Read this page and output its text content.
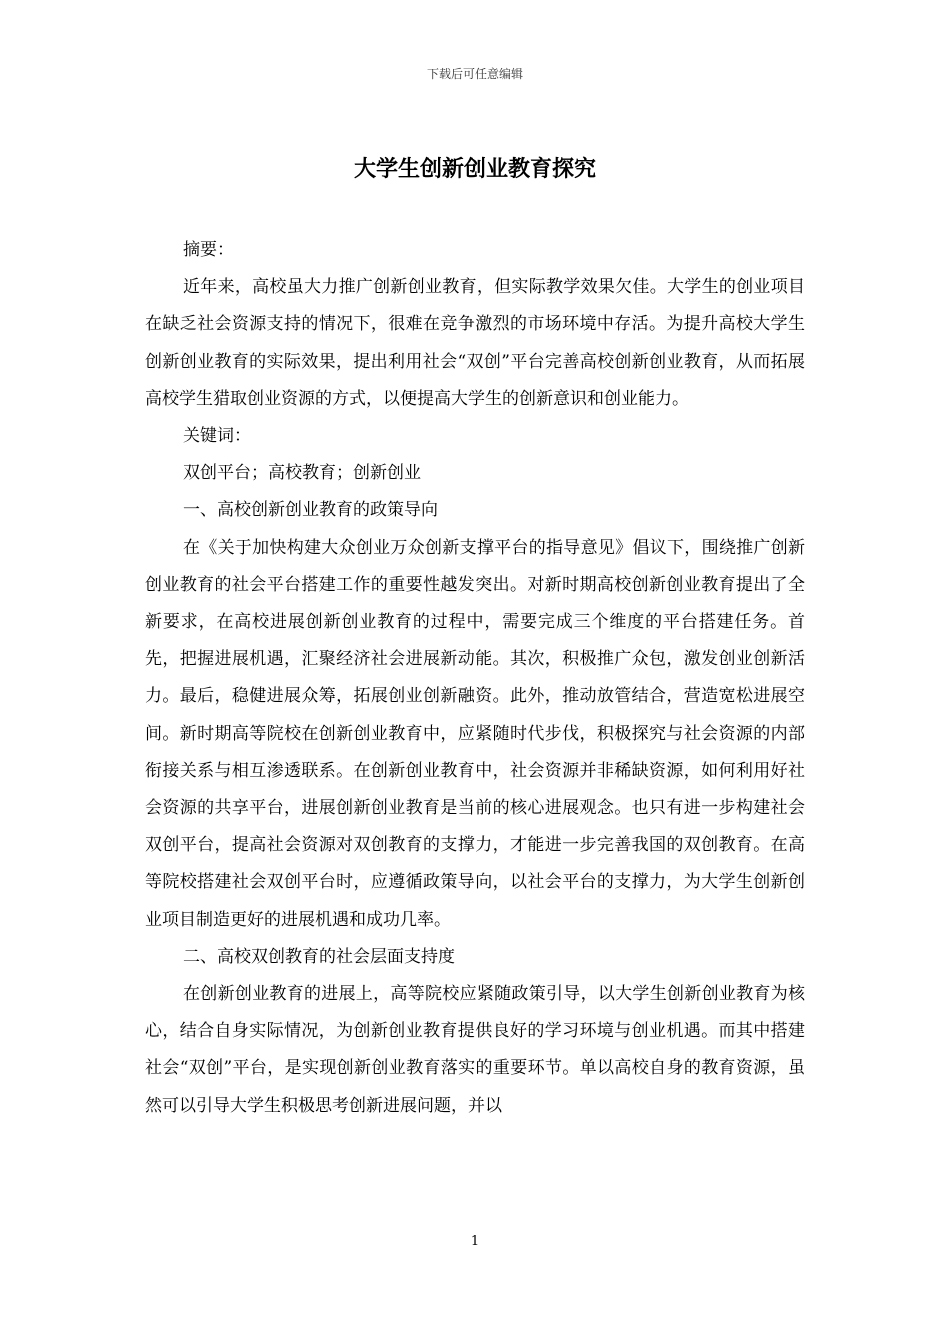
下载后可任意编辑
大学生创新创业教育探究

摘要：

近年来，高校虽大力推广创新创业教育，但实际教学效果欠佳。大学生的创业项目在缺乏社会资源支持的情况下，很难在竞争激烈的市场环境中存活。为提升高校大学生创新创业教育的实际效果，提出利用社会“双创”平台完善高校创新创业教育，从而拓展高校学生猎取创业资源的方式，以便提高大学生的创新意识和创业能力。

关键词：

双创平台；高校教育；创新创业

一、高校创新创业教育的政策导向

在《关于加快构建大众创业万众创新支撑平台的指导意见》倡议下，围绕推广创新创业教育的社会平台搭建工作的重要性越发突出。对新时期高校创新创业教育提出了全新要求，在高校进展创新创业教育的过程中，需要完成三个维度的平台搭建任务。首先，把握进展机遇，汇聚经济社会进展新动能。其次，积极推广众包，激发创业创新活力。最后，稳健进展众筹，拓展创业创新融资。此外，推动放管结合，营造宽松进展空间。新时期高等院校在创新创业教育中，应紧随时代步伐，积极探究与社会资源的内部衔接关系与相互渗透联系。在创新创业教育中，社会资源并非稀缺资源，如何利用好社会资源的共享平台，进展创新创业教育是当前的核心进展观念。也只有进一步构建社会双创平台，提高社会资源对双创教育的支撑力，才能进一步完善我国的双创教育。在高等院校搭建社会双创平台时，应遵循政策导向，以社会平台的支撑力，为大学生创新创业项目制造更好的进展机遇和成功几率。

二、高校双创教育的社会层面支持度

在创新创业教育的进展上，高等院校应紧随政策引导，以大学生创新创业教育为核心，结合自身实际情况，为创新创业教育提供良好的学习环境与创业机遇。而其中搭建社会“双创”平台，是实现创新创业教育落实的重要环节。单以高校自身的教育资源，虽然可以引导大学生积极思考创新进展问题，并以

1
